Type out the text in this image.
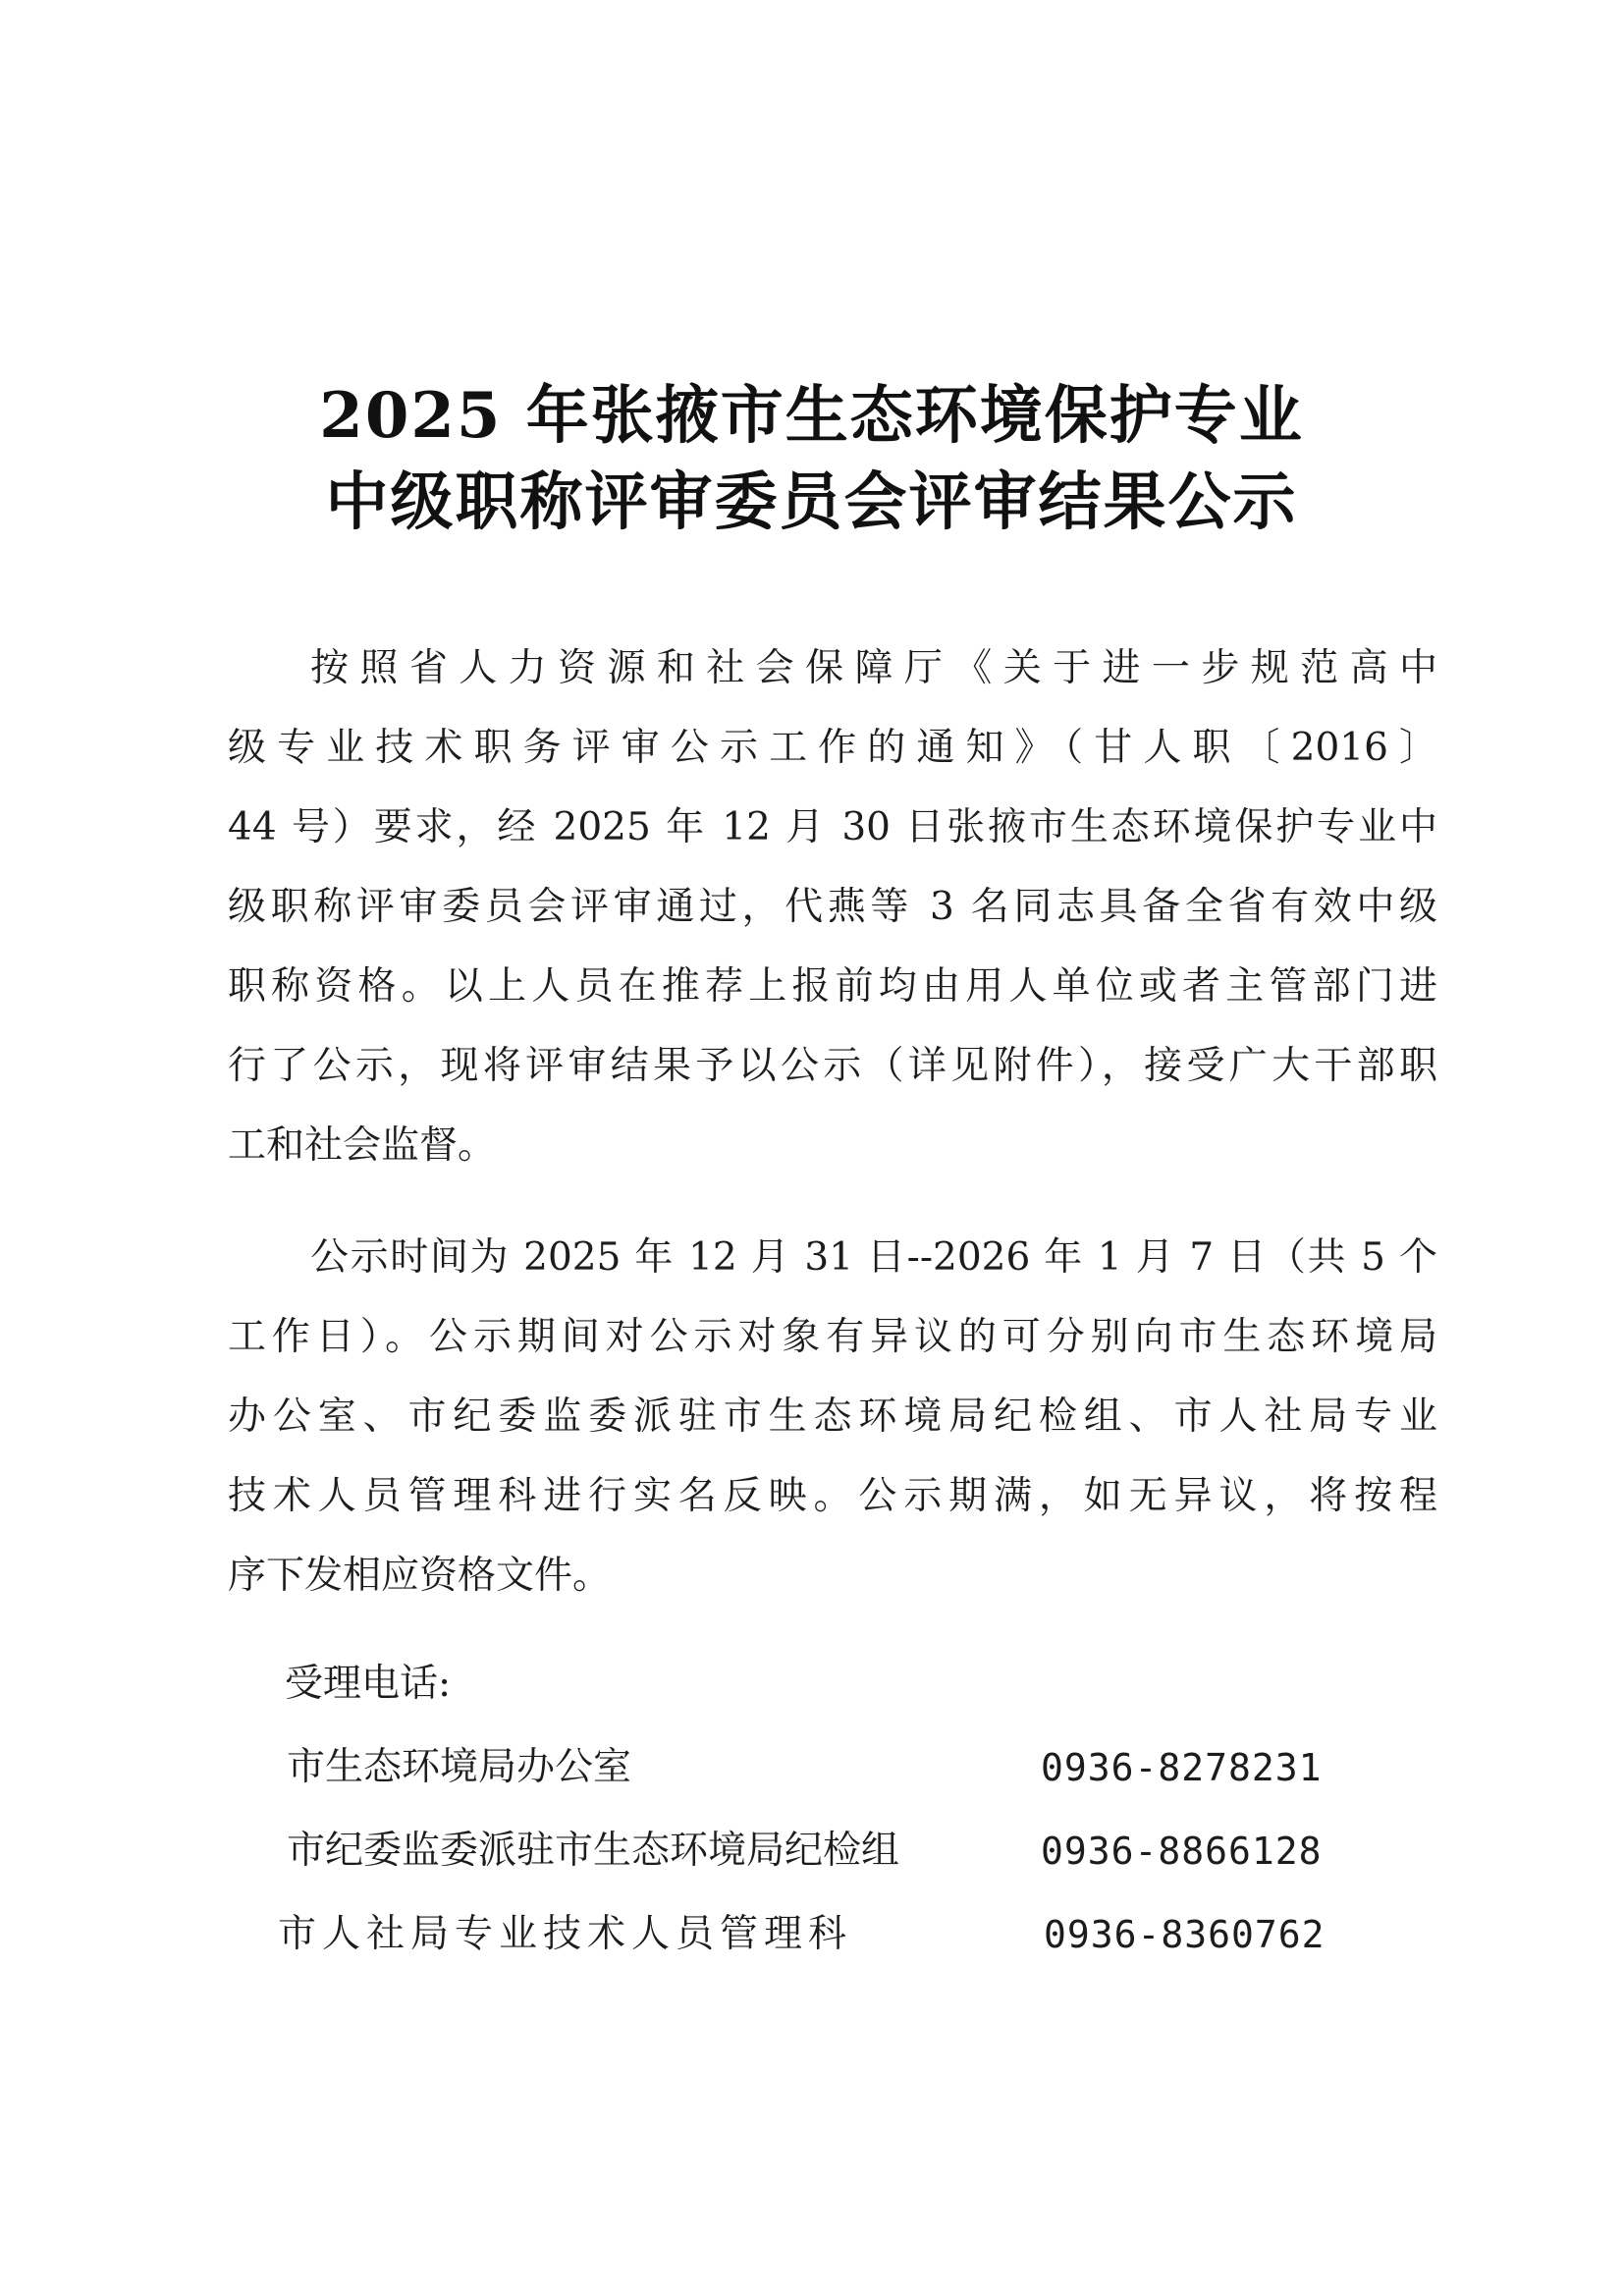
2025 年张掖市生态环境保护专业
中级职称评审委员会评审结果公示
按照省人力资源和社会保障厅《关于进一步规范高中
级专业技术职务评审公示工作的通知》（甘人职〔2016〕
44 号）要求，经 2025 年 12 月 30 日张掖市生态环境保护专业中
级职称评审委员会评审通过，代燕等 3 名同志具备全省有效中级
职称资格。以上人员在推荐上报前均由用人单位或者主管部门进
行了公示，现将评审结果予以公示（详见附件），接受广大干部职
工和社会监督。
公示时间为 2025 年 12 月 31 日--2026 年 1 月 7 日（共 5 个
工作日）。公示期间对公示对象有异议的可分别向市生态环境局
办公室、市纪委监委派驻市生态环境局纪检组、市人社局专业
技术人员管理科进行实名反映。公示期满，如无异议，将按程
序下发相应资格文件。
受理电话:
市生态环境局办公室	0936-8278231
市纪委监委派驻市生态环境局纪检组	0936-8866128
市人社局专业技术人员管理科	0936-8360762
